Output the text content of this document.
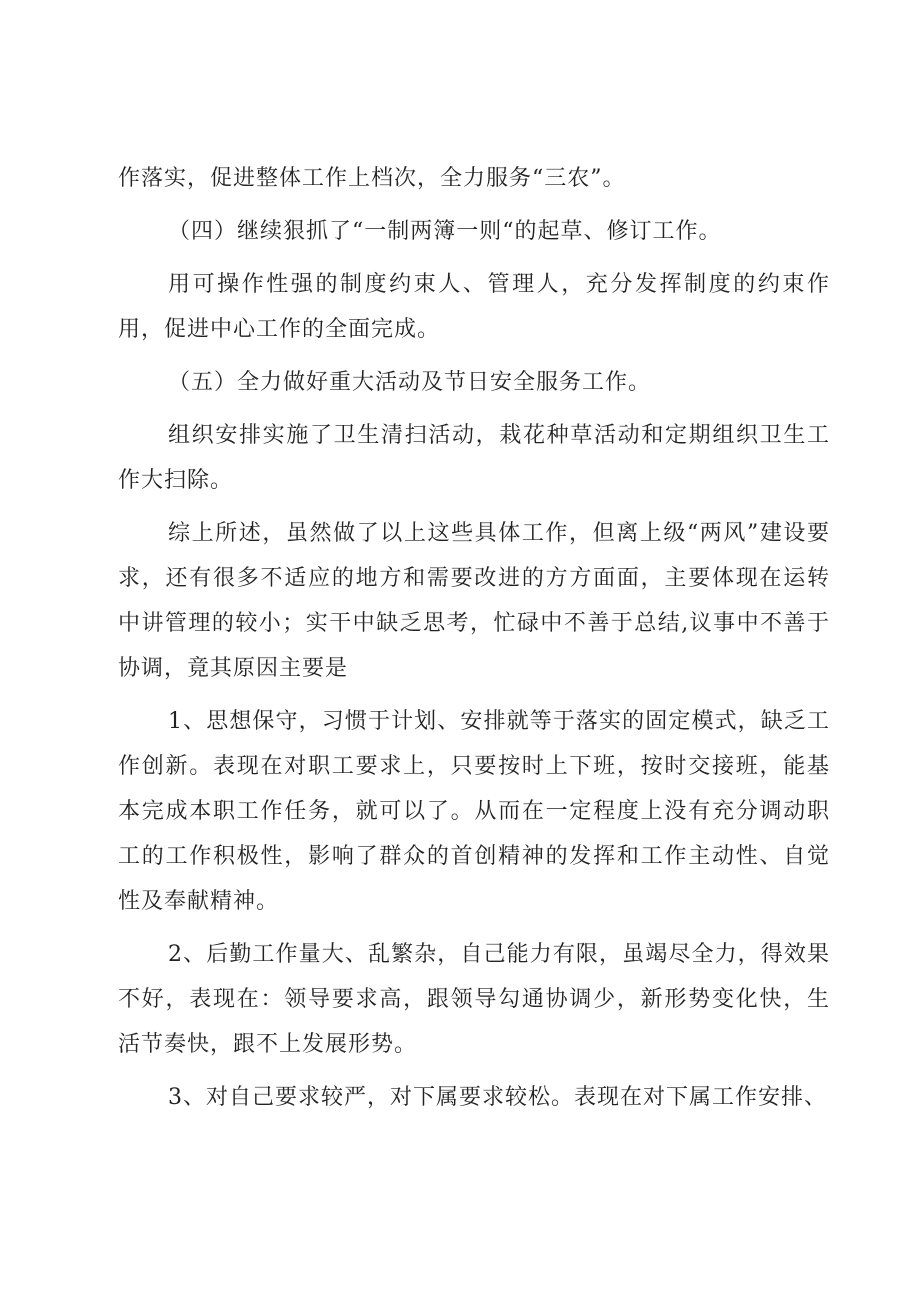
作落实，促进整体工作上档次，全力服务“三农”。

（四）继续狠抓了“一制两簿一则“的起草、修订工作。

用可操作性强的制度约束人、管理人，充分发挥制度的约束作用，促进中心工作的全面完成。

（五）全力做好重大活动及节日安全服务工作。

组织安排实施了卫生清扫活动，栽花种草活动和定期组织卫生工作大扫除。

综上所述，虽然做了以上这些具体工作，但离上级“两风”建设要求，还有很多不适应的地方和需要改进的方方面面，主要体现在运转中讲管理的较小；实干中缺乏思考，忙碌中不善于总结,议事中不善于协调，竟其原因主要是

1、思想保守，习惯于计划、安排就等于落实的固定模式，缺乏工作创新。表现在对职工要求上，只要按时上下班，按时交接班，能基本完成本职工作任务，就可以了。从而在一定程度上没有充分调动职工的工作积极性，影响了群众的首创精神的发挥和工作主动性、自觉性及奉献精神。

2、后勤工作量大、乱繁杂，自己能力有限，虽竭尽全力，得效果不好，表现在：领导要求高，跟领导勾通协调少，新形势变化快，生活节奏快，跟不上发展形势。

3、对自己要求较严，对下属要求较松。表现在对下属工作安排、
